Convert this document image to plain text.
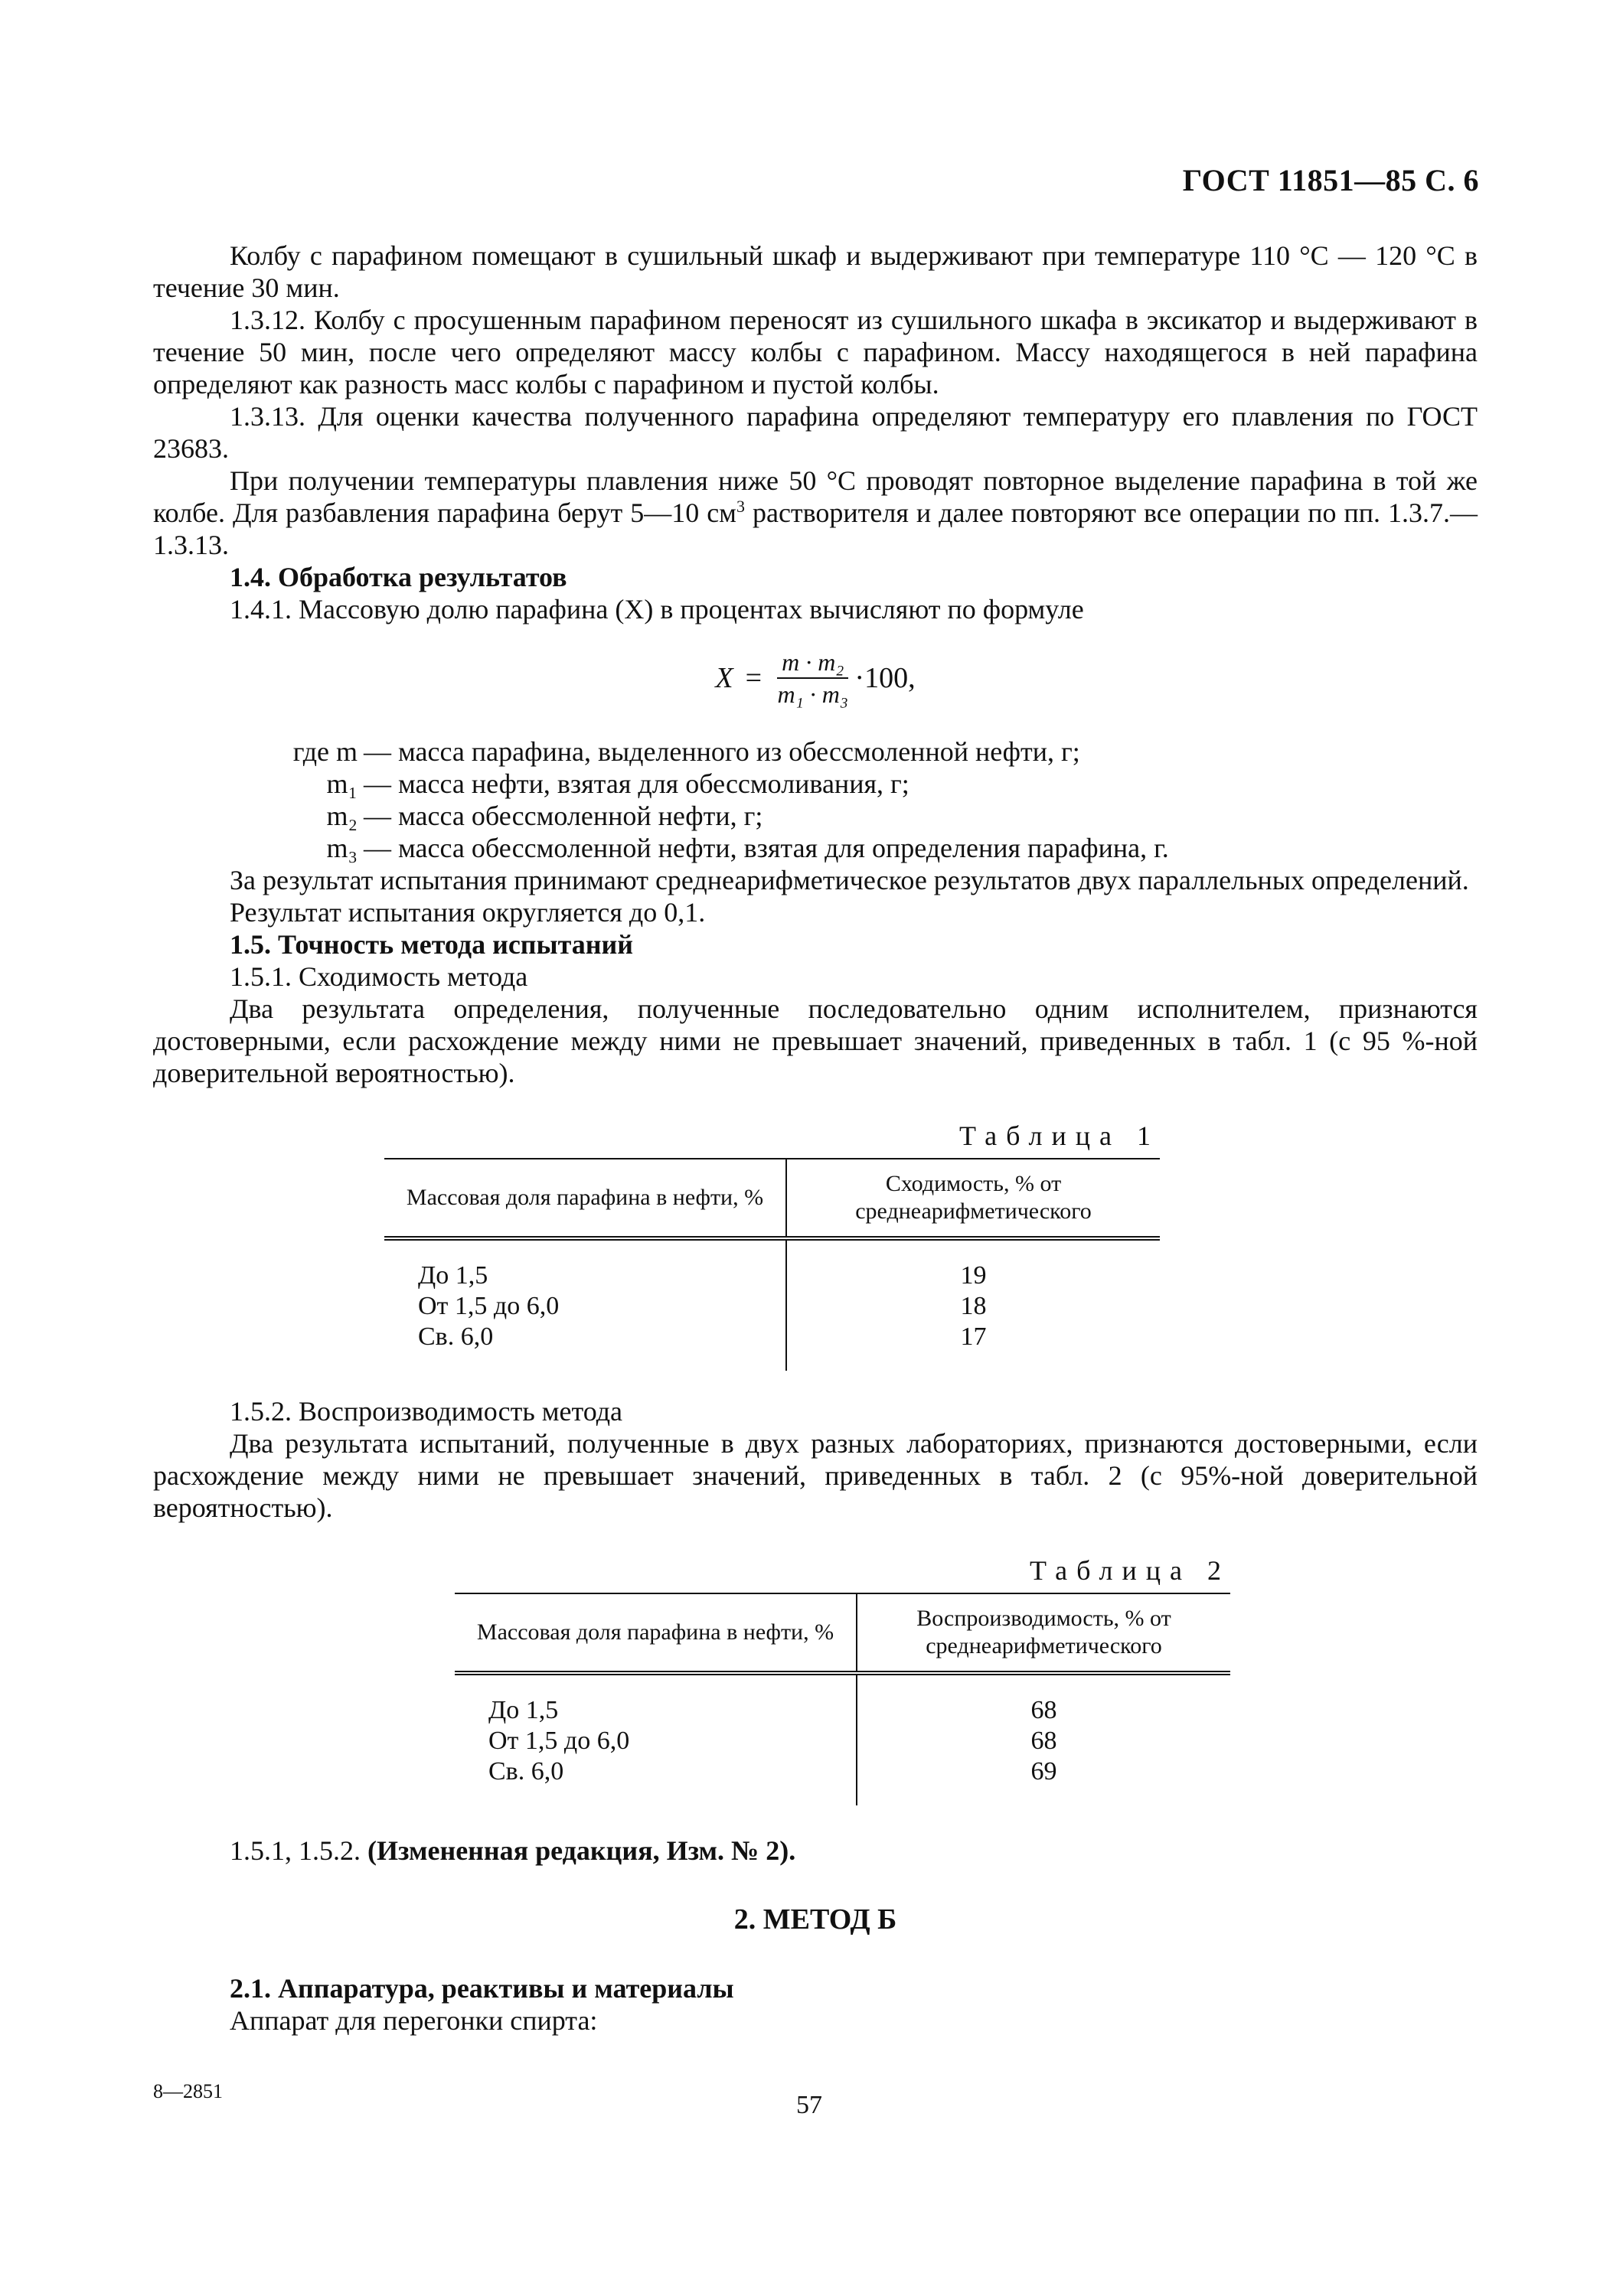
ГОСТ 11851—85 С. 6

Колбу с парафином помещают в сушильный шкаф и выдерживают при температуре 110 °С — 120 °С в течение 30 мин.

1.3.12. Колбу с просушенным парафином переносят из сушильного шкафа в эксикатор и выдерживают в течение 50 мин, после чего определяют массу колбы с парафином. Массу находящегося в ней парафина определяют как разность масс колбы с парафином и пустой колбы.

1.3.13. Для оценки качества полученного парафина определяют температуру его плавления по ГОСТ 23683.

При получении температуры плавления ниже 50 °С проводят повторное выделение парафина в той же колбе. Для разбавления парафина берут 5—10 $см^3$ растворителя и далее повторяют все операции по пп. 1.3.7.— 1.3.13.

1.4. Обработка результатов

1.4.1. Массовую долю парафина (X) в процентах вычисляют по формуле

$X = \frac{\text{m · m₂}}{\text{m₁ · m₃}} \cdot 100$,
где m — масса парафина, выделенного из обессмоленной нефти, г;
m₁ — масса нефти, взятая для обессмоливания, г;
m₂ — масса обессмоленной нефти, г;
m₃ — масса обессмоленной нефти, взятая для определения парафина, г.

За результат испытания принимают среднеарифметическое результатов двух параллельных определений.

Результат испытания округляется до 0,1.

1.5. Точность метода испытаний

1.5.1. Сходимость метода

Два результата определения, полученные последовательно одним исполнителем, признаются достоверными, если расхождение между ними не превышает значений, приведенных в табл. 1 (с 95 %-ной доверительной вероятностью).

Таблица 1
Массовая доля парафина в нефти, %	Сходимость, % от среднеарифметического
До 1,5	19
От 1,5 до 6,0	18
Св. 6,0	17

1.5.2. Воспроизводимость метода

Два результата испытаний, полученные в двух разных лабораториях, признаются достоверными, если расхождение между ними не превышает значений, приведенных в табл. 2 (с 95%-ной доверительной вероятностью).

Таблица 2
Массовая доля парафина в нефти, %	Воспроизводимость, % от среднеарифметического
До 1,5	68
От 1,5 до 6,0	68
Св. 6,0	69

1.5.1, 1.5.2. (Измененная редакция, Изм. № 2).

2. МЕТОД Б

2.1. Аппаратура, реактивы и материалы

Аппарат для перегонки спирта:

8—2851	57
